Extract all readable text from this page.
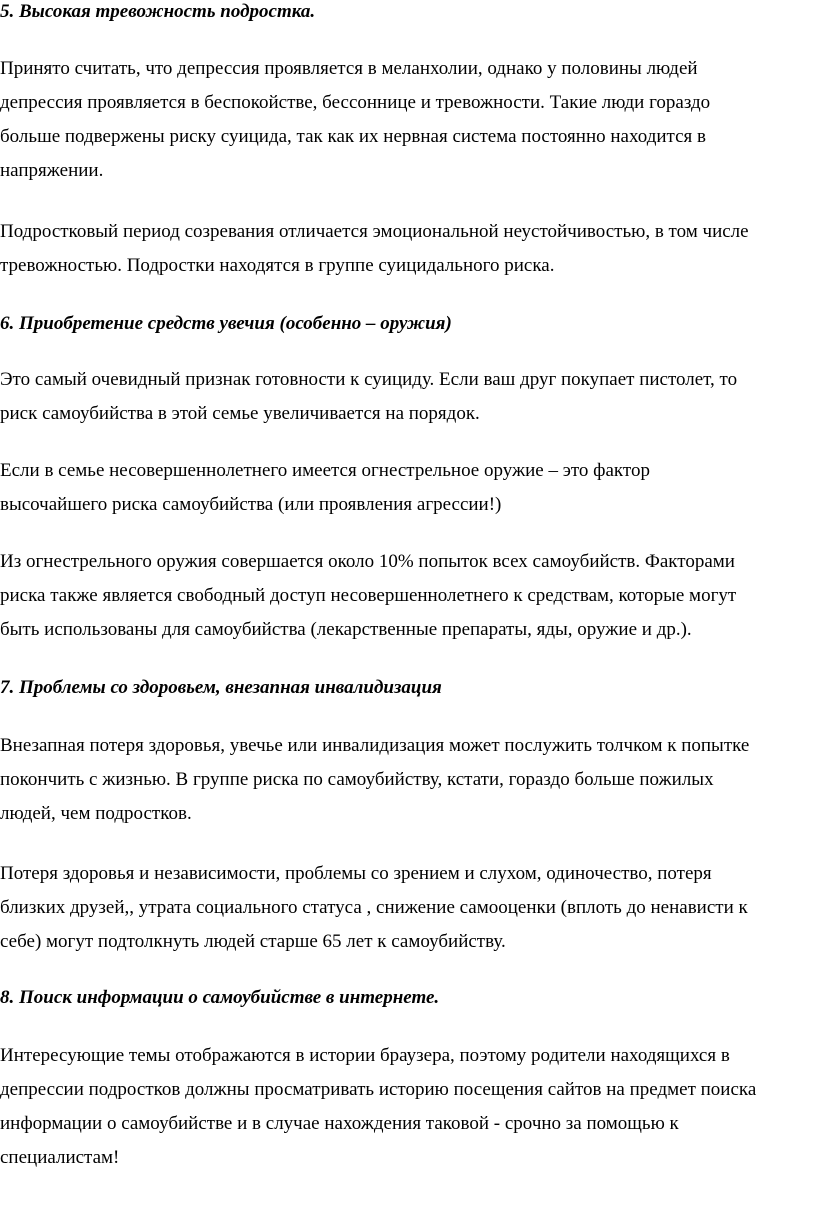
5. Высокая тревожность подростка.

Принято считать, что депрессия проявляется в меланхолии, однако у половины людей
депрессия проявляется в беспокойстве, бессоннице и тревожности. Такие люди гораздо
больше подвержены риску суицида, так как их нервная система постоянно находится в
напряжении.

Подростковый период созревания отличается эмоциональной неустойчивостью, в том числе
тревожностью. Подростки находятся в группе суицидального риска.

6. Приобретение средств увечия (особенно – оружия)

Это самый очевидный признак готовности к суициду. Если ваш друг покупает пистолет, то
риск самоубийства в этой семье увеличивается на порядок.

Если в семье несовершеннолетнего имеется огнестрельное оружие – это фактор
высочайшего риска самоубийства (или проявления агрессии!)

Из огнестрельного оружия совершается около 10% попыток всех самоубийств. Факторами
риска также является свободный доступ несовершеннолетнего к средствам, которые могут
быть использованы для самоубийства (лекарственные препараты, яды, оружие и др.).

7. Проблемы со здоровьем, внезапная инвалидизация

Внезапная потеря здоровья, увечье или инвалидизация может послужить толчком к попытке
покончить с жизнью. В группе риска по самоубийству, кстати, гораздо больше пожилых
людей, чем подростков.

Потеря здоровья и независимости, проблемы со зрением и слухом, одиночество, потеря
близких друзей,, утрата социального статуса , снижение самооценки (вплоть до ненависти к
себе) могут подтолкнуть людей старше 65 лет к самоубийству.

8. Поиск информации о самоубийстве в интернете.

Интересующие темы отображаются в истории браузера, поэтому родители находящихся в
депрессии подростков должны просматривать историю посещения сайтов на предмет поиска
информации о самоубийстве и в случае нахождения таковой - срочно за помощью к
специалистам!
